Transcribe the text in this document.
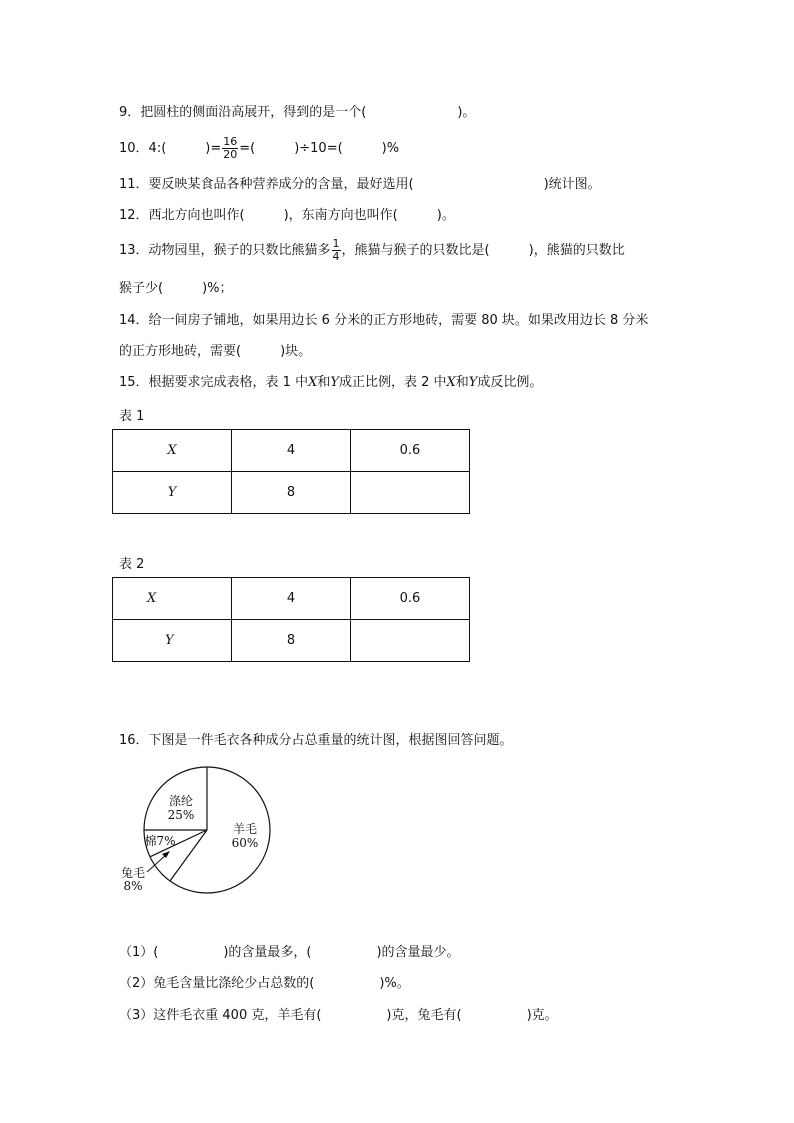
9．把圆柱的侧面沿高展开，得到的是一个(　　　　　　　)。
10．4:(　　　)= $\frac{16}{20}$ =(　　　)÷10=(　　　)%
11．要反映某食品各种营养成分的含量，最好选用(　　　　　　　　　　)统计图。
12．西北方向也叫作(　　　)，东南方向也叫作(　　　)。
13．动物园里，猴子的只数比熊猫多 $\frac{1}{4}$ ，熊猫与猴子的只数比是(　　　)，熊猫的只数比
猴子少(　　　)%；
14．给一间房子铺地，如果用边长 6 分米的正方形地砖，需要 80 块。如果改用边长 8 分米
的正方形地砖，需要(　　　)块。
15．根据要求完成表格，表 1 中X和Y成正比例，表 2 中X和Y成反比例。
表 1
X	4	0.6
Y	8	
表 2
X	4	0.6
Y	8	
16．下图是一件毛衣各种成分占总重量的统计图，根据图回答问题。
羊毛
60%
涤纶
25%
棉7%
兔毛
8%
（1）(　　　　　)的含量最多，(　　　　　)的含量最少。
（2）兔毛含量比涤纶少占总数的(　　　　　)%。
（3）这件毛衣重 400 克，羊毛有(　　　　　)克，兔毛有(　　　　　)克。
